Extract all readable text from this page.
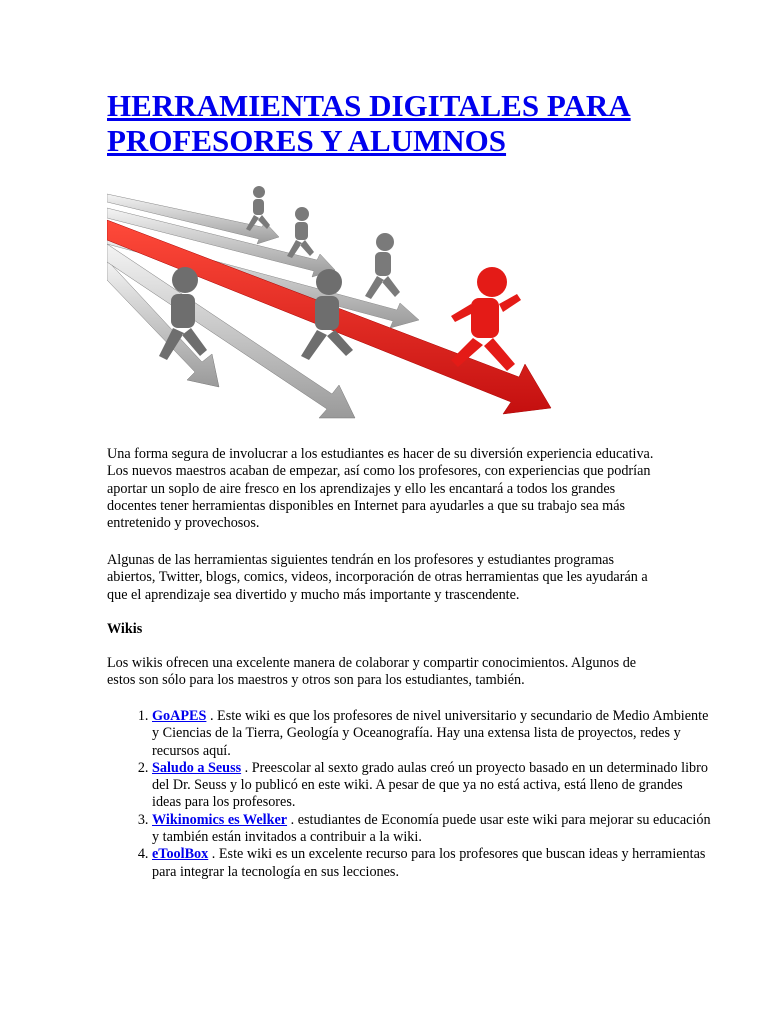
HERRAMIENTAS DIGITALES PARA PROFESORES Y ALUMNOS

Una forma segura de involucrar a los estudiantes es hacer de su diversión experiencia educativa. Los nuevos maestros acaban de empezar, así como los profesores, con experiencias que podrían aportar un soplo de aire fresco en los aprendizajes y ello les encantará a todos los grandes docentes tener herramientas disponibles en Internet para ayudarles a que su trabajo sea más entretenido y provechosos.

Algunas de las herramientas siguientes tendrán en los profesores y estudiantes programas abiertos, Twitter, blogs, comics, videos, incorporación de otras herramientas que les ayudarán a que el aprendizaje sea divertido y mucho más importante y trascendente.

Wikis

Los wikis ofrecen una excelente manera de colaborar y compartir conocimientos. Algunos de estos son sólo para los maestros y otros son para los estudiantes, también.

1. GoAPES . Este wiki es que los profesores de nivel universitario y secundario de Medio Ambiente y Ciencias de la Tierra, Geología y Oceanografía. Hay una extensa lista de proyectos, redes y recursos aquí.
2. Saludo a Seuss . Preescolar al sexto grado aulas creó un proyecto basado en un determinado libro del Dr. Seuss y lo publicó en este wiki. A pesar de que ya no está activa, está lleno de grandes ideas para los profesores.
3. Wikinomics es Welker . estudiantes de Economía puede usar este wiki para mejorar su educación y también están invitados a contribuir a la wiki.
4. eToolBox . Este wiki es un excelente recurso para los profesores que buscan ideas y herramientas para integrar la tecnología en sus lecciones.
